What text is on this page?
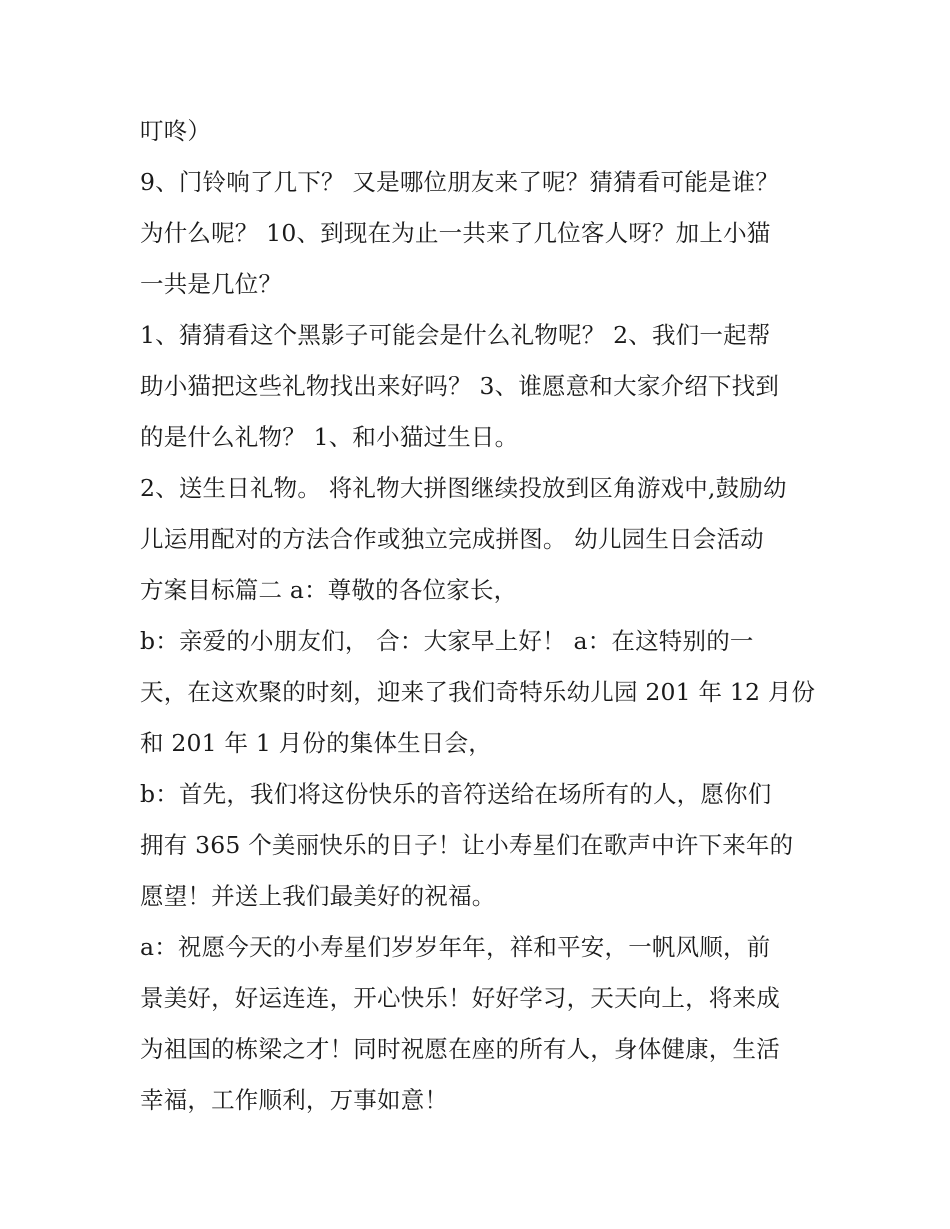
叮咚）
9、门铃响了几下？ 又是哪位朋友来了呢？猜猜看可能是谁？
为什么呢？ 10、到现在为止一共来了几位客人呀？加上小猫
一共是几位？
1、猜猜看这个黑影子可能会是什么礼物呢？ 2、我们一起帮
助小猫把这些礼物找出来好吗？ 3、谁愿意和大家介绍下找到
的是什么礼物？ 1、和小猫过生日。
2、送生日礼物。 将礼物大拼图继续投放到区角游戏中,鼓励幼
儿运用配对的方法合作或独立完成拼图。 幼儿园生日会活动
方案目标篇二 a：尊敬的各位家长，
b：亲爱的小朋友们， 合：大家早上好！ a：在这特别的一
天，在这欢聚的时刻，迎来了我们奇特乐幼儿园 201 年 12 月份
和 201 年 1 月份的集体生日会，
b：首先，我们将这份快乐的音符送给在场所有的人，愿你们
拥有 365 个美丽快乐的日子！让小寿星们在歌声中许下来年的
愿望！并送上我们最美好的祝福。
a：祝愿今天的小寿星们岁岁年年，祥和平安，一帆风顺，前
景美好，好运连连，开心快乐！好好学习，天天向上，将来成
为祖国的栋梁之才！同时祝愿在座的所有人，身体健康，生活
幸福，工作顺利，万事如意！
